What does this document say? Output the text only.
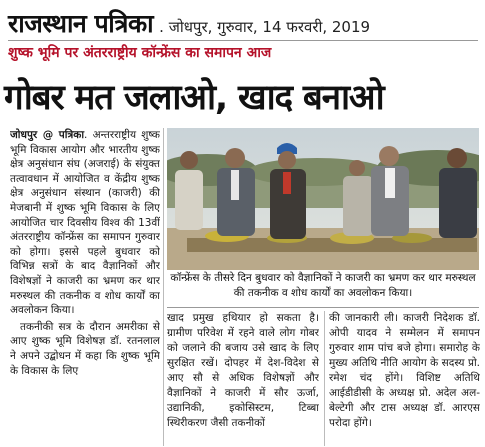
राजस्थान पत्रिका . जोधपुर, गुरुवार, 14 फरवरी, 2019
शुष्क भूमि पर अंतरराष्ट्रीय कॉन्फ्रेंस का समापन आज
गोबर मत जलाओ, खाद बनाओ

जोधपुर @ पत्रिका. अन्तरराष्ट्रीय शुष्क भूमि विकास आयोग और भारतीय शुष्क क्षेत्र अनुसंधान संघ (अजराई) के संयुक्त तत्वावधान में आयोजित व केंद्रीय शुष्क क्षेत्र अनुसंधान संस्थान (काजरी) की मेजबानी में शुष्क भूमि विकास के लिए आयोजित चार दिवसीय विश्व की 13वीं अंतरराष्ट्रीय कॉन्फ्रेंस का समापन गुरुवार को होगा। इससे पहले बुधवार को विभिन्न सत्रों के बाद वैज्ञानिकों और विशेषज्ञों ने काजरी का भ्रमण कर थार मरुस्थल की तकनीक व शोध कार्यों का अवलोकन किया।

तकनीकी सत्र के दौरान अमरीका से आए शुष्क भूमि विशेषज्ञ डॉ. रतनलाल ने अपने उद्बोधन में कहा कि शुष्क भूमि के विकास के लिए

कॉन्फ्रेंस के तीसरे दिन बुधवार को वैज्ञानिकों ने काजरी का भ्रमण कर थार मरुस्थल की तकनीक व शोध कार्यों का अवलोकन किया।

खाद प्रमुख हथियार हो सकता है। ग्रामीण परिवेश में रहने वाले लोग गोबर को जलाने की बजाय उसे खाद के लिए सुरक्षित रखें। दोपहर में देश-विदेश से आए सौ से अधिक विशेषज्ञों और वैज्ञानिकों ने काजरी में सौर ऊर्जा, उद्यानिकी, इकोसिस्टम, टिब्बा स्थिरीकरण जैसी तकनीकों

की जानकारी ली। काजरी निदेशक डॉ. ओपी यादव ने सम्मेलन में समापन गुरुवार शाम पांच बजे होगा। समारोह के मुख्य अतिथि नीति आयोग के सदस्य प्रो. रमेश चंद होंगे। विशिष्ट अतिथि आईडीडीसी के अध्यक्ष प्रो. अदेल अल-बेल्टेगी और टास अध्यक्ष डॉ. आरएस परोदा होंगे।
